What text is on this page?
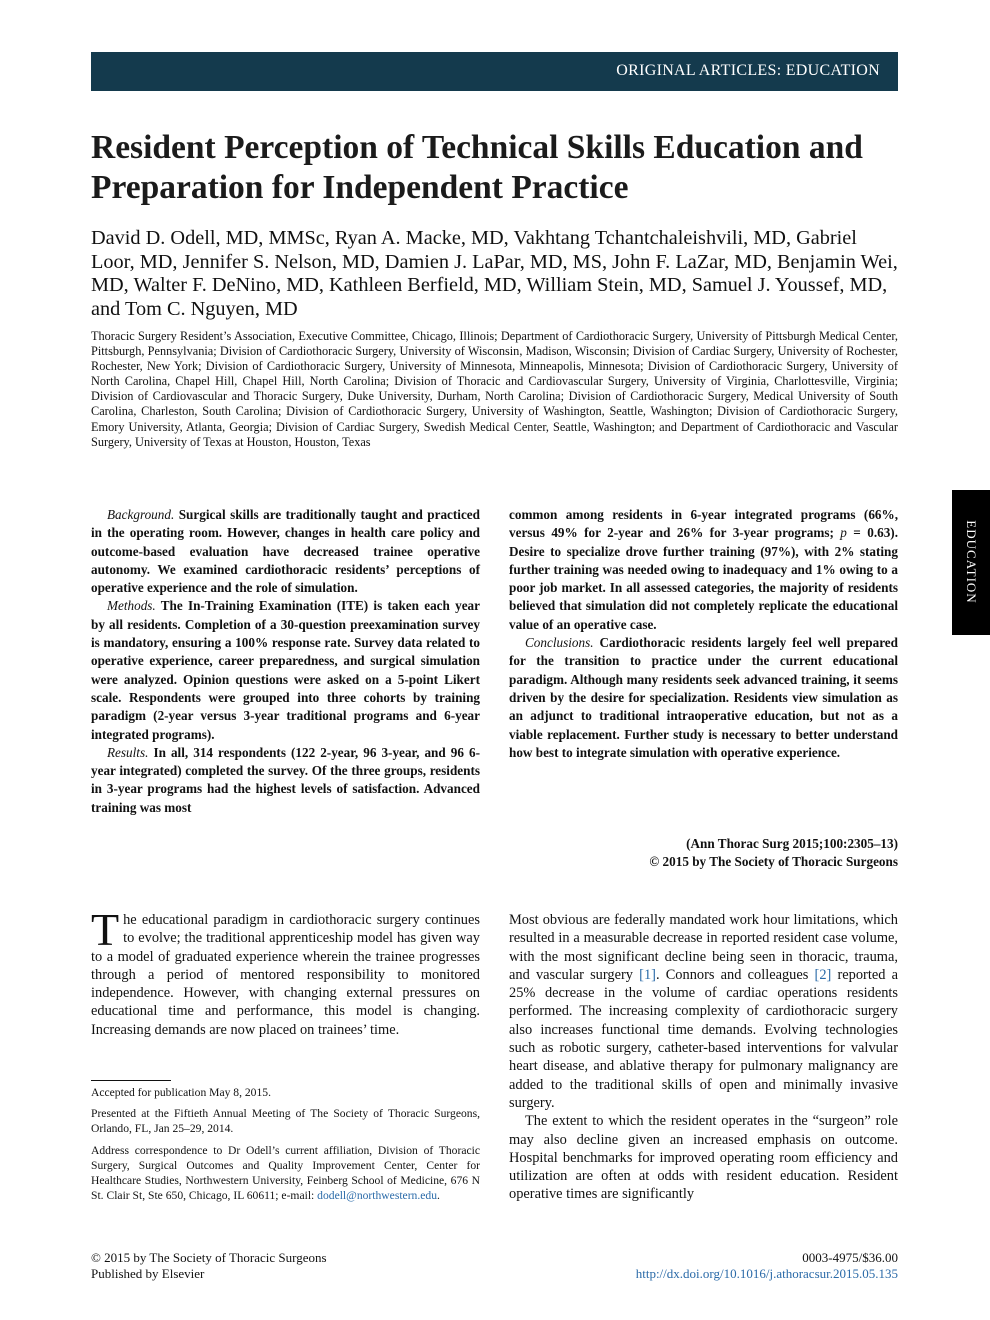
ORIGINAL ARTICLES: EDUCATION
Resident Perception of Technical Skills Education and Preparation for Independent Practice

David D. Odell, MD, MMSc, Ryan A. Macke, MD, Vakhtang Tchantchaleishvili, MD, Gabriel Loor, MD, Jennifer S. Nelson, MD, Damien J. LaPar, MD, MS, John F. LaZar, MD, Benjamin Wei, MD, Walter F. DeNino, MD, Kathleen Berfield, MD, William Stein, MD, Samuel J. Youssef, MD, and Tom C. Nguyen, MD

Thoracic Surgery Resident’s Association, Executive Committee, Chicago, Illinois; Department of Cardiothoracic Surgery, University of Pittsburgh Medical Center, Pittsburgh, Pennsylvania; Division of Cardiothoracic Surgery, University of Wisconsin, Madison, Wisconsin; Division of Cardiac Surgery, University of Rochester, Rochester, New York; Division of Cardiothoracic Surgery, University of Minnesota, Minneapolis, Minnesota; Division of Cardiothoracic Surgery, University of North Carolina, Chapel Hill, Chapel Hill, North Carolina; Division of Thoracic and Cardiovascular Surgery, University of Virginia, Charlottesville, Virginia; Division of Cardiovascular and Thoracic Surgery, Duke University, Durham, North Carolina; Division of Cardiothoracic Surgery, Medical University of South Carolina, Charleston, South Carolina; Division of Cardiothoracic Surgery, University of Washington, Seattle, Washington; Division of Cardiothoracic Surgery, Emory University, Atlanta, Georgia; Division of Cardiac Surgery, Swedish Medical Center, Seattle, Washington; and Department of Cardiothoracic and Vascular Surgery, University of Texas at Houston, Houston, Texas

EDUCATION

Background. Surgical skills are traditionally taught and practiced in the operating room. However, changes in health care policy and outcome-based evaluation have decreased trainee operative autonomy. We examined cardiothoracic residents’ perceptions of operative experience and the role of simulation.

Methods. The In-Training Examination (ITE) is taken each year by all residents. Completion of a 30-question preexamination survey is mandatory, ensuring a 100% response rate. Survey data related to operative experience, career preparedness, and surgical simulation were analyzed. Opinion questions were asked on a 5-point Likert scale. Respondents were grouped into three cohorts by training paradigm (2-year versus 3-year traditional programs and 6-year integrated programs).

Results. In all, 314 respondents (122 2-year, 96 3-year, and 96 6-year integrated) completed the survey. Of the three groups, residents in 3-year programs had the highest levels of satisfaction. Advanced training was most

common among residents in 6-year integrated programs (66%, versus 49% for 2-year and 26% for 3-year programs; p = 0.63). Desire to specialize drove further training (97%), with 2% stating further training was needed owing to inadequacy and 1% owing to a poor job market. In all assessed categories, the majority of residents believed that simulation did not completely replicate the educational value of an operative case.

Conclusions. Cardiothoracic residents largely feel well prepared for the transition to practice under the current educational paradigm. Although many residents seek advanced training, it seems driven by the desire for specialization. Residents view simulation as an adjunct to traditional intraoperative education, but not as a viable replacement. Further study is necessary to better understand how best to integrate simulation with operative experience.

(Ann Thorac Surg 2015;100:2305–13)
© 2015 by The Society of Thoracic Surgeons

The educational paradigm in cardiothoracic surgery continues to evolve; the traditional apprenticeship model has given way to a model of graduated experience wherein the trainee progresses through a period of mentored responsibility to monitored independence. However, with changing external pressures on educational time and performance, this model is changing. Increasing demands are now placed on trainees’ time.

Accepted for publication May 8, 2015.

Presented at the Fiftieth Annual Meeting of The Society of Thoracic Surgeons, Orlando, FL, Jan 25–29, 2014.

Address correspondence to Dr Odell’s current affiliation, Division of Thoracic Surgery, Surgical Outcomes and Quality Improvement Center, Center for Healthcare Studies, Northwestern University, Feinberg School of Medicine, 676 N St. Clair St, Ste 650, Chicago, IL 60611; e-mail: dodell@northwestern.edu.

Most obvious are federally mandated work hour limitations, which resulted in a measurable decrease in reported resident case volume, with the most significant decline being seen in thoracic, trauma, and vascular surgery [1]. Connors and colleagues [2] reported a 25% decrease in the volume of cardiac operations residents performed. The increasing complexity of cardiothoracic surgery also increases functional time demands. Evolving technologies such as robotic surgery, catheter-based interventions for valvular heart disease, and ablative therapy for pulmonary malignancy are added to the traditional skills of open and minimally invasive surgery.

The extent to which the resident operates in the “surgeon” role may also decline given an increased emphasis on outcome. Hospital benchmarks for improved operating room efficiency and utilization are often at odds with resident education. Resident operative times are significantly

© 2015 by The Society of Thoracic Surgeons
Published by Elsevier
0003-4975/$36.00
http://dx.doi.org/10.1016/j.athoracsur.2015.05.135
